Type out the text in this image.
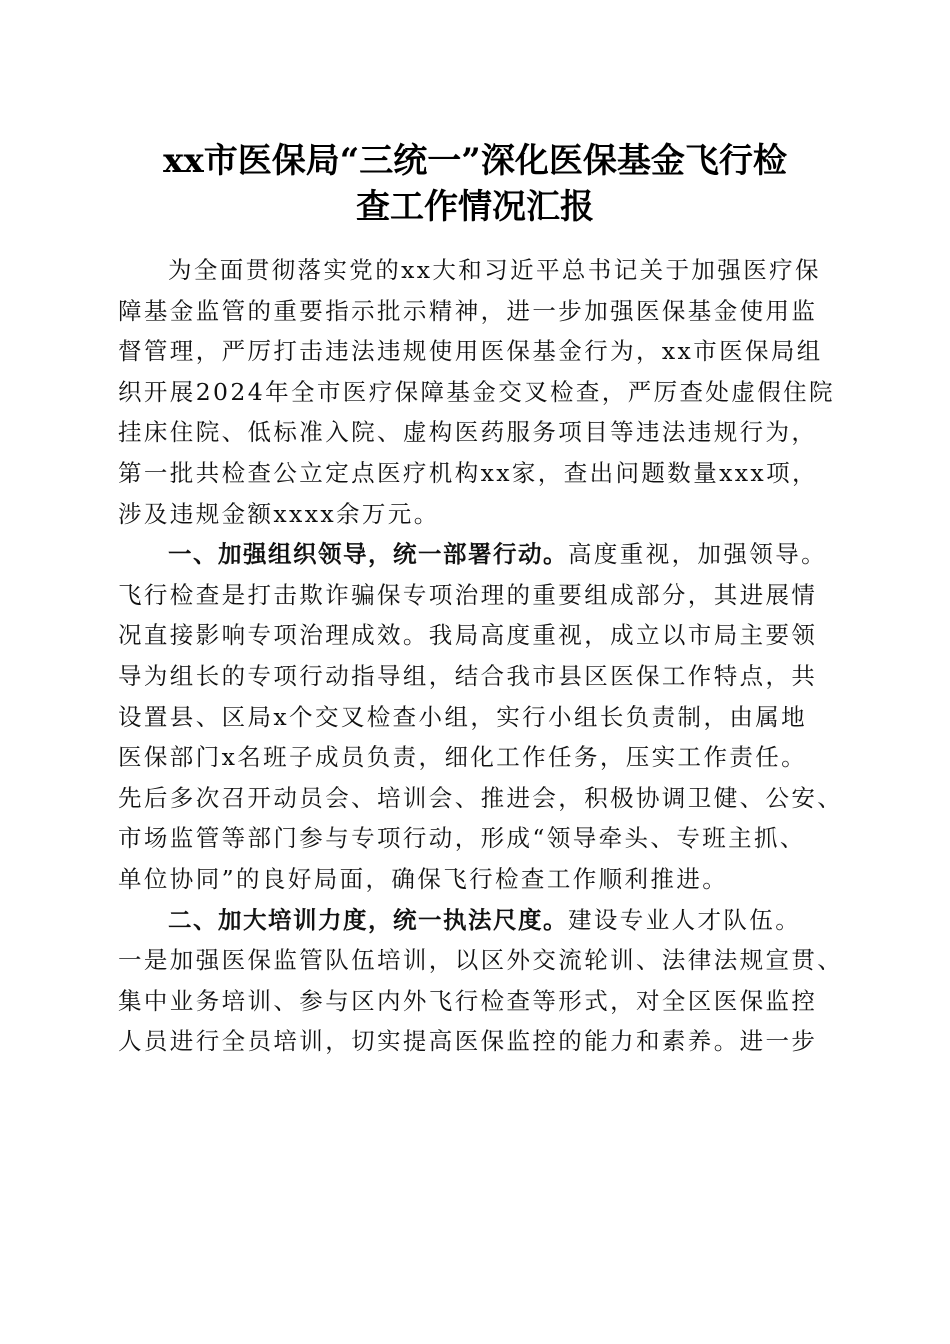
xx市医保局“三统一”深化医保基金飞行检
查工作情况汇报

为全面贯彻落实党的xx大和习近平总书记关于加强医疗保
障基金监管的重要指示批示精神，进一步加强医保基金使用监
督管理，严厉打击违法违规使用医保基金行为，xx市医保局组
织开展2024年全市医疗保障基金交叉检查，严厉查处虚假住院
挂床住院、低标准入院、虚构医药服务项目等违法违规行为，
第一批共检查公立定点医疗机构xx家，查出问题数量xxx项，
涉及违规金额xxxx余万元。

一、加强组织领导，统一部署行动。高度重视，加强领导。
飞行检查是打击欺诈骗保专项治理的重要组成部分，其进展情
况直接影响专项治理成效。我局高度重视，成立以市局主要领
导为组长的专项行动指导组，结合我市县区医保工作特点，共
设置县、区局x个交叉检查小组，实行小组长负责制，由属地
医保部门x名班子成员负责，细化工作任务，压实工作责任。
先后多次召开动员会、培训会、推进会，积极协调卫健、公安、
市场监管等部门参与专项行动，形成“领导牵头、专班主抓、
单位协同”的良好局面，确保飞行检查工作顺利推进。

二、加大培训力度，统一执法尺度。建设专业人才队伍。
一是加强医保监管队伍培训，以区外交流轮训、法律法规宣贯、
集中业务培训、参与区内外飞行检查等形式，对全区医保监控
人员进行全员培训，切实提高医保监控的能力和素养。进一步
